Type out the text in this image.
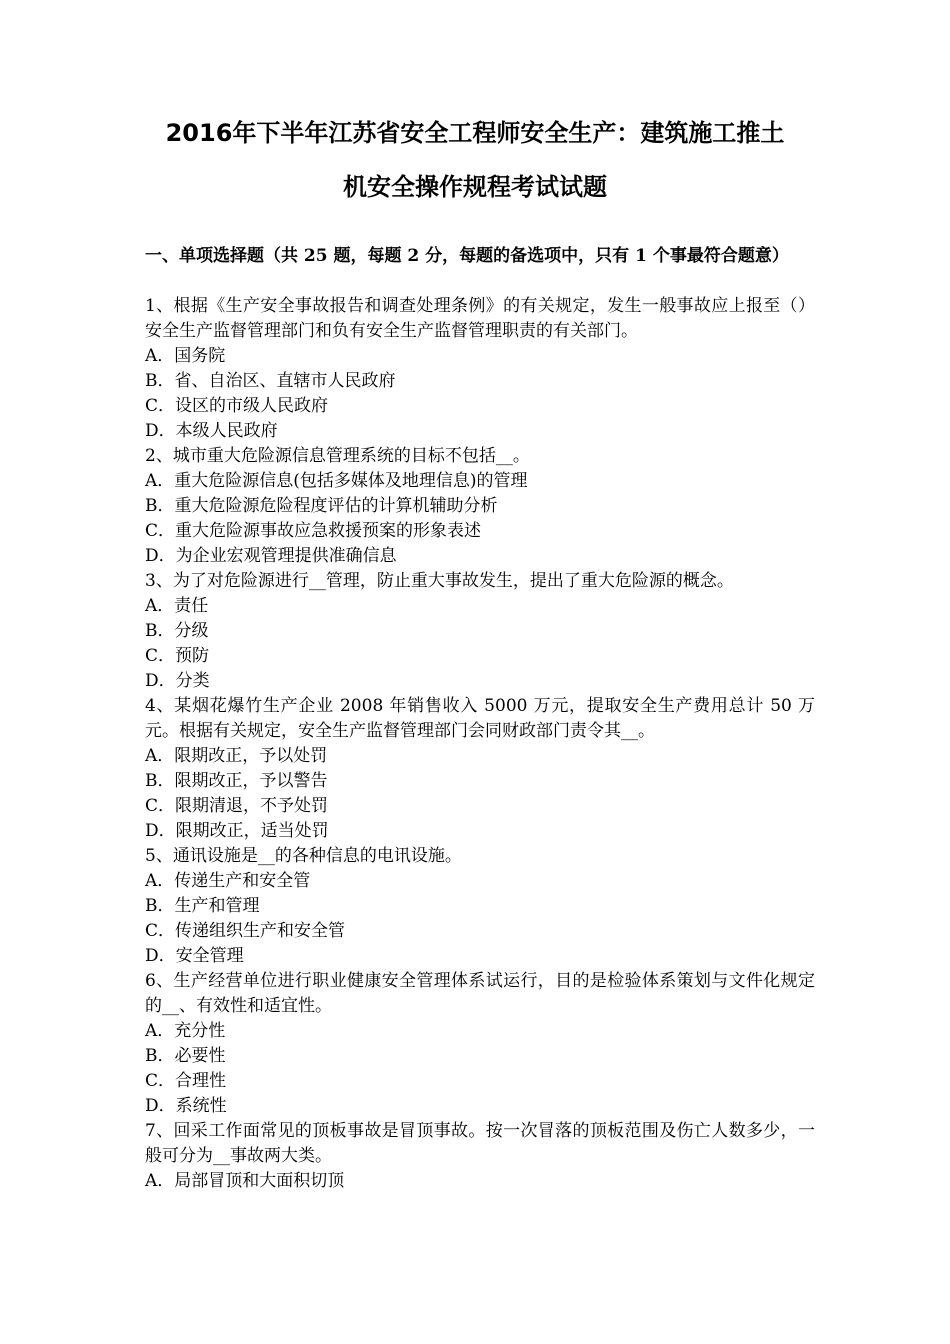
2016年下半年江苏省安全工程师安全生产：建筑施工推土
机安全操作规程考试试题
一、单项选择题（共 25 题，每题 2 分，每题的备选项中，只有 1 个事最符合题意）

1、根据《生产安全事故报告和调查处理条例》的有关规定，发生一般事故应上报至（）安全生产监督管理部门和负有安全生产监督管理职责的有关部门。

A．国务院

B．省、自治区、直辖市人民政府

C．设区的市级人民政府

D．本级人民政府

2、城市重大危险源信息管理系统的目标不包括__。

A．重大危险源信息(包括多媒体及地理信息)的管理

B．重大危险源危险程度评估的计算机辅助分析

C．重大危险源事故应急救援预案的形象表述

D．为企业宏观管理提供准确信息

3、为了对危险源进行__管理，防止重大事故发生，提出了重大危险源的概念。

A．责任

B．分级

C．预防

D．分类

4、某烟花爆竹生产企业 2008 年销售收入 5000 万元，提取安全生产费用总计 50 万元。根据有关规定，安全生产监督管理部门会同财政部门责令其__。

A．限期改正，予以处罚

B．限期改正，予以警告

C．限期清退，不予处罚

D．限期改正，适当处罚

5、通讯设施是__的各种信息的电讯设施。

A．传递生产和安全管

B．生产和管理

C．传递组织生产和安全管

D．安全管理

6、生产经营单位进行职业健康安全管理体系试运行，目的是检验体系策划与文件化规定的__、有效性和适宜性。

A．充分性

B．必要性

C．合理性

D．系统性

7、回采工作面常见的顶板事故是冒顶事故。按一次冒落的顶板范围及伤亡人数多少，一般可分为__事故两大类。

A．局部冒顶和大面积切顶
